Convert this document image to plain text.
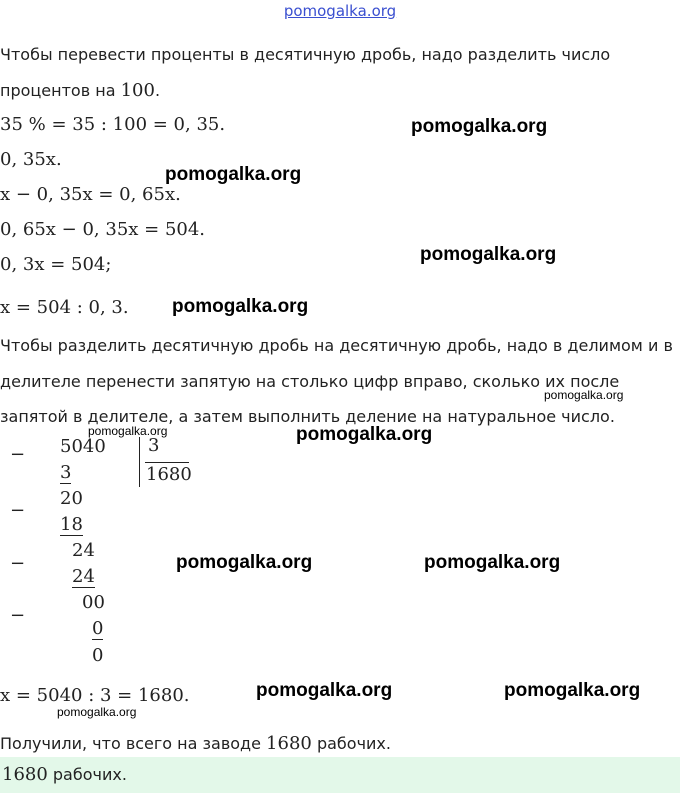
pomogalka.org
Чтобы перевести проценты в десятичную дробь, надо разделить число
процентов на 100.
35 % = 35 : 100 = 0, 35.
0, 35x.
x − 0, 35x = 0, 65x.
0, 65x − 0, 35x = 504.
0, 3x = 504;
x = 504 : 0, 3.
Чтобы разделить десятичную дробь на десятичную дробь, надо в делимом и в
делителе перенести запятую на столько цифр вправо, сколько их после
запятой в делителе, а затем выполнить деление на натуральное число.
−
−
−
−
5040 3
1680
3
20
18
24
24
00
0
0
x = 5040 : 3 = 1680.
Получили, что всего на заводе 1680 рабочих.
1680 рабочих.
pomogalka.org
pomogalka.org
pomogalka.org
pomogalka.org
pomogalka.org
pomogalka.org	pomogalka.org
pomogalka.org	pomogalka.org
pomogalka.org	pomogalka.org
pomogalka.org
